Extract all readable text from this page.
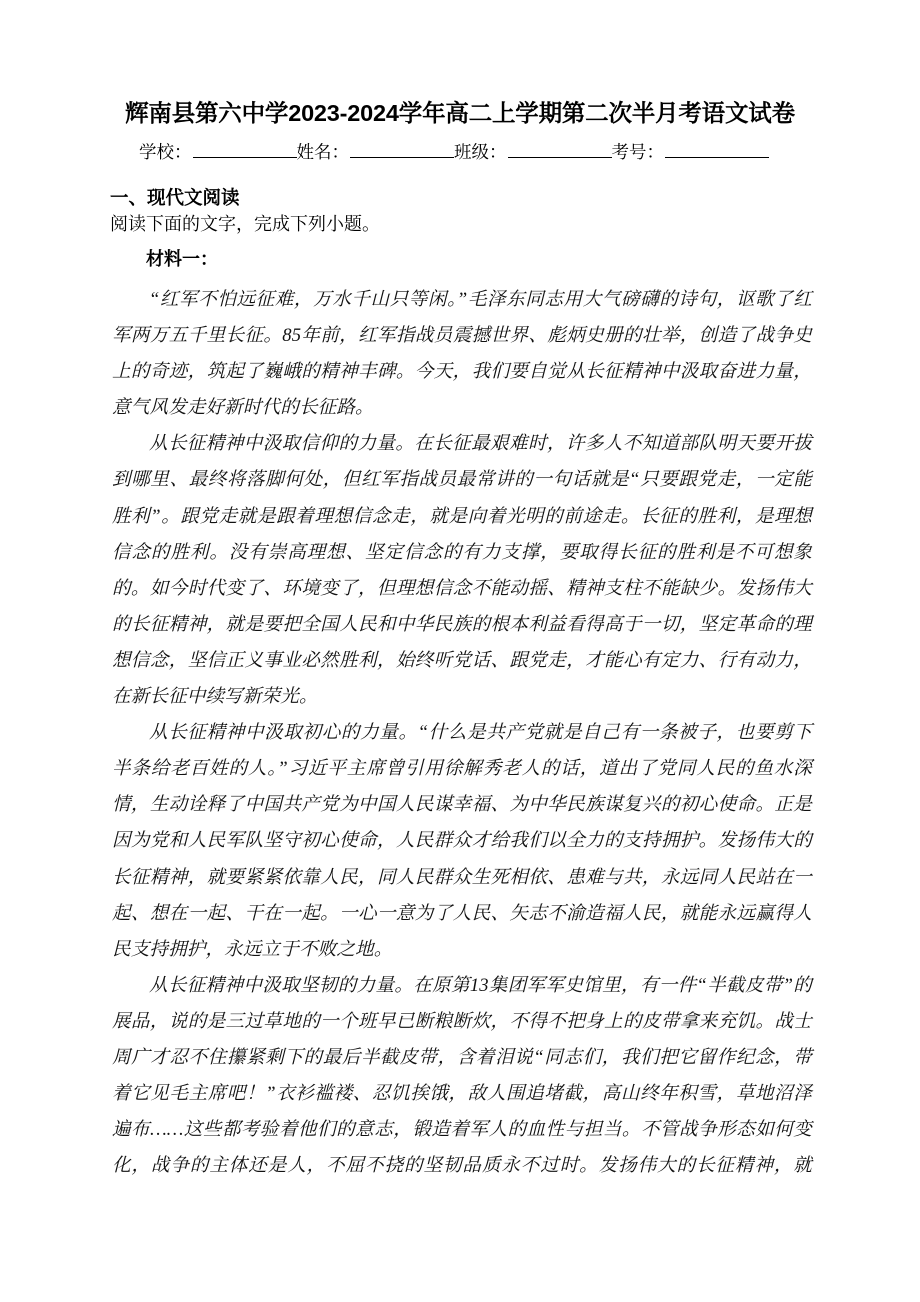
辉南县第六中学2023-2024学年高二上学期第二次半月考语文试卷
学校：	姓名：	班级：	考号：
一、现代文阅读
阅读下面的文字，完成下列小题。
材料一：

“红军不怕远征难，万水千山只等闲。”毛泽东同志用大气磅礴的诗句，讴歌了红军两万五千里长征。85年前，红军指战员震撼世界、彪炳史册的壮举，创造了战争史上的奇迹，筑起了巍峨的精神丰碑。今天，我们要自觉从长征精神中汲取奋进力量，意气风发走好新时代的长征路。

从长征精神中汲取信仰的力量。在长征最艰难时，许多人不知道部队明天要开拔到哪里、最终将落脚何处，但红军指战员最常讲的一句话就是“只要跟党走，一定能胜利”。跟党走就是跟着理想信念走，就是向着光明的前途走。长征的胜利，是理想信念的胜利。没有崇高理想、坚定信念的有力支撑，要取得长征的胜利是不可想象的。如今时代变了、环境变了，但理想信念不能动摇、精神支柱不能缺少。发扬伟大的长征精神，就是要把全国人民和中华民族的根本利益看得高于一切，坚定革命的理想信念，坚信正义事业必然胜利，始终听党话、跟党走，才能心有定力、行有动力，在新长征中续写新荣光。

从长征精神中汲取初心的力量。“什么是共产党就是自己有一条被子，也要剪下半条给老百姓的人。”习近平主席曾引用徐解秀老人的话，道出了党同人民的鱼水深情，生动诠释了中国共产党为中国人民谋幸福、为中华民族谋复兴的初心使命。正是因为党和人民军队坚守初心使命，人民群众才给我们以全力的支持拥护。发扬伟大的长征精神，就要紧紧依靠人民，同人民群众生死相依、患难与共，永远同人民站在一起、想在一起、干在一起。一心一意为了人民、矢志不渝造福人民，就能永远赢得人民支持拥护，永远立于不败之地。

从长征精神中汲取坚韧的力量。在原第13集团军军史馆里，有一件“半截皮带”的展品，说的是三过草地的一个班早已断粮断炊，不得不把身上的皮带拿来充饥。战士周广才忍不住攥紧剩下的最后半截皮带，含着泪说“同志们，我们把它留作纪念，带着它见毛主席吧！”衣衫褴褛、忍饥挨饿，敌人围追堵截，高山终年积雪，草地沼泽遍布……这些都考验着他们的意志，锻造着军人的血性与担当。不管战争形态如何变化，战争的主体还是人，不屈不挠的坚韧品质永不过时。发扬伟大的长征精神，就
